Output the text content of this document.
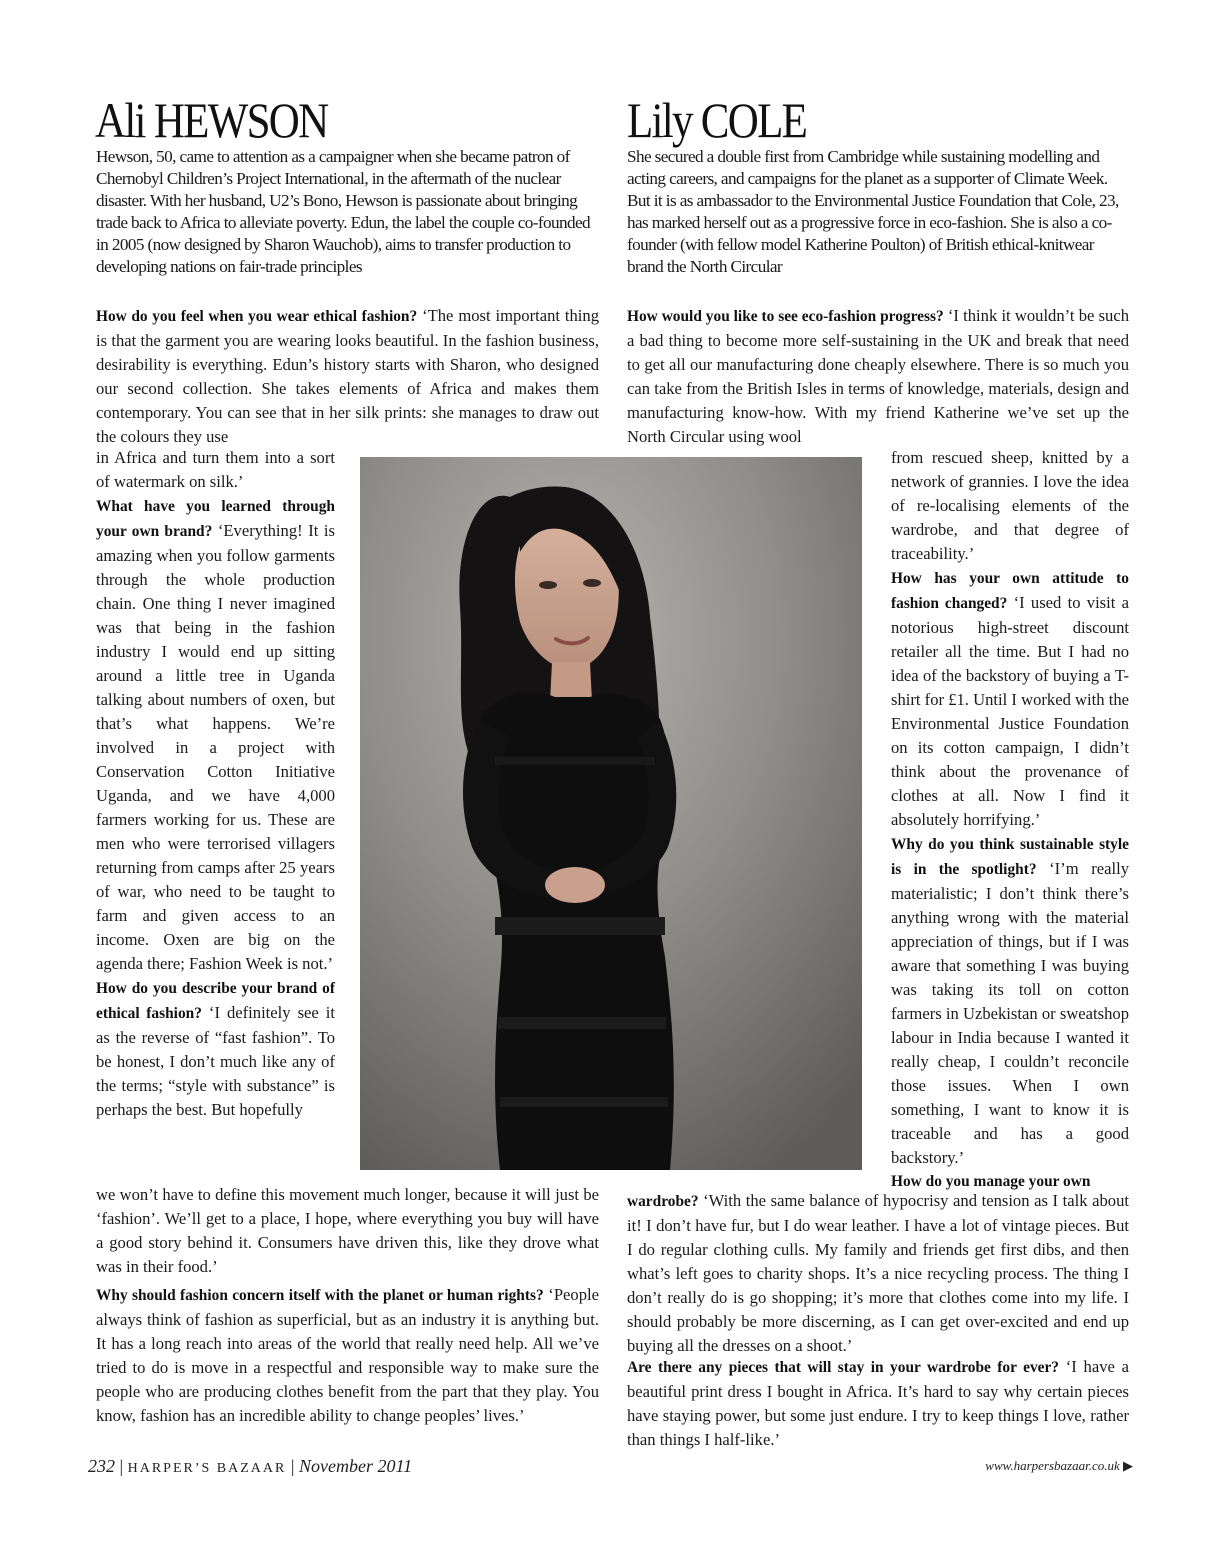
Ali HEWSON

Hewson, 50, came to attention as a campaigner when she became patron of Chernobyl Children’s Project International, in the aftermath of the nuclear disaster. With her husband, U2’s Bono, Hewson is passionate about bringing trade back to Africa to alleviate poverty. Edun, the label the couple co-founded in 2005 (now designed by Sharon Wauchob), aims to transfer production to developing nations on fair-trade principles

How do you feel when you wear ethical fashion? ‘The most important thing is that the garment you are wearing looks beautiful. In the fashion business, desirability is everything. Edun’s history starts with Sharon, who designed our second collection. She takes elements of Africa and makes them contemporary. You can see that in her silk prints: she manages to draw out the colours they use

in Africa and turn them into a sort of watermark on silk.’
What have you learned through your own brand? ‘Everything! It is amazing when you follow garments through the whole production chain. One thing I never imagined was that being in the fashion industry I would end up sitting around a little tree in Uganda talking about numbers of oxen, but that’s what happens. We’re involved in a project with Conservation Cotton Initiative Uganda, and we have 4,000 farmers working for us. These are men who were terrorised villagers returning from camps after 25 years of war, who need to be taught to farm and given access to an income. Oxen are big on the agenda there; Fashion Week is not.’
How do you describe your brand of ethical fashion? ‘I definitely see it as the reverse of “fast fashion”. To be honest, I don’t much like any of the terms; “style with substance” is perhaps the best. But hopefully

we won’t have to define this movement much longer, because it will just be ‘fashion’. We’ll get to a place, I hope, where everything you buy will have a good story behind it. Consumers have driven this, like they drove what was in their food.’

Why should fashion concern itself with the planet or human rights? ‘People always think of fashion as superficial, but as an industry it is anything but. It has a long reach into areas of the world that really need help. All we’ve tried to do is move in a respectful and responsible way to make sure the people who are producing clothes benefit from the part that they play. You know, fashion has an incredible ability to change peoples’ lives.’

Lily COLE

She secured a double first from Cambridge while sustaining modelling and acting careers, and campaigns for the planet as a supporter of Climate Week. But it is as ambassador to the Environmental Justice Foundation that Cole, 23, has marked herself out as a progressive force in eco-fashion. She is also a co-founder (with fellow model Katherine Poulton) of British ethical-knitwear brand the North Circular

How would you like to see eco-fashion progress? ‘I think it wouldn’t be such a bad thing to become more self-sustaining in the UK and break that need to get all our manufacturing done cheaply elsewhere. There is so much you can take from the British Isles in terms of knowledge, materials, design and manufacturing know-how. With my friend Katherine we’ve set up the North Circular using wool

from rescued sheep, knitted by a network of grannies. I love the idea of re-localising elements of the wardrobe, and that degree of traceability.’
How has your own attitude to fashion changed? ‘I used to visit a notorious high-street discount retailer all the time. But I had no idea of the backstory of buying a T-shirt for £1. Until I worked with the Environmental Justice Foundation on its cotton campaign, I didn’t think about the provenance of clothes at all. Now I find it absolutely horrifying.’
Why do you think sustainable style is in the spotlight? ‘I’m really materialistic; I don’t think there’s anything wrong with the material appreciation of things, but if I was aware that something I was buying was taking its toll on cotton farmers in Uzbekistan or sweatshop labour in India because I wanted it really cheap, I couldn’t reconcile those issues. When I own something, I want to know it is traceable and has a good backstory.’
How do you manage your own

wardrobe? ‘With the same balance of hypocrisy and tension as I talk about it! I don’t have fur, but I do wear leather. I have a lot of vintage pieces. But I do regular clothing culls. My family and friends get first dibs, and then what’s left goes to charity shops. It’s a nice recycling process. The thing I don’t really do is go shopping; it’s more that clothes come into my life. I should probably be more discerning, as I can get over-excited and end up buying all the dresses on a shoot.’

Are there any pieces that will stay in your wardrobe for ever? ‘I have a beautiful print dress I bought in Africa. It’s hard to say why certain pieces have staying power, but some just endure. I try to keep things I love, rather than things I half-like.’

232 | HARPER’S BAZAAR | November 2011	www.harpersbazaar.co.uk ▶
